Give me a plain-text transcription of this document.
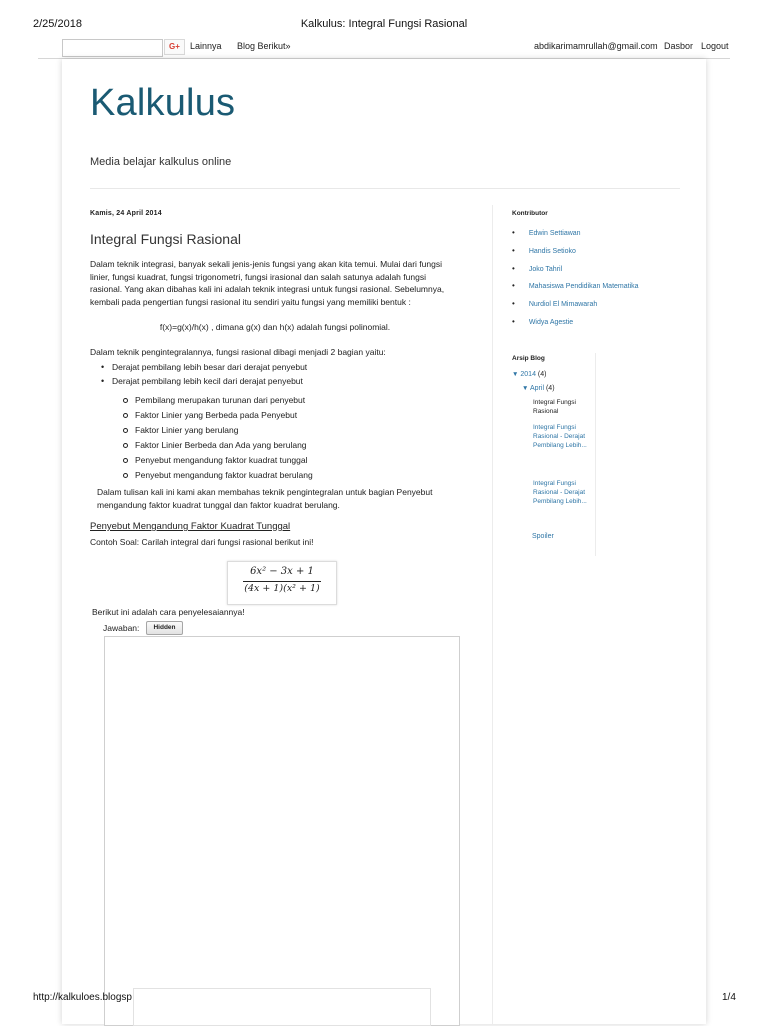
2/25/2018	Kalkulus: Integral Fungsi Rasional
G+	Lainnya Blog Berikut»	abdikarimamrullah@gmail.com Dasbor Logout
Kalkulus
Media belajar kalkulus online
Kamis, 24 April 2014
Integral Fungsi Rasional
Dalam teknik integrasi, banyak sekali jenis-jenis fungsi yang akan kita temui. Mulai dari fungsi
linier, fungsi kuadrat, fungsi trigonometri, fungsi irasional dan salah satunya adalah fungsi
rasional. Yang akan dibahas kali ini adalah teknik integrasi untuk fungsi rasional. Sebelumnya,
kembali pada pengertian fungsi rasional itu sendiri yaitu fungsi yang memiliki bentuk :
f(x)=g(x)/h(x) , dimana g(x) dan h(x) adalah fungsi polinomial.
Dalam teknik pengintegralannya, fungsi rasional dibagi menjadi 2 bagian yaitu:
• Derajat pembilang lebih besar dari derajat penyebut
• Derajat pembilang lebih kecil dari derajat penyebut
Pembilang merupakan turunan dari penyebut
Faktor Linier yang Berbeda pada Penyebut
Faktor Linier yang berulang
Faktor Linier Berbeda dan Ada yang berulang
Penyebut mengandung faktor kuadrat tunggal
Penyebut mengandung faktor kuadrat berulang
Dalam tulisan kali ini kami akan membahas teknik pengintegralan untuk bagian Penyebut
mengandung faktor kuadrat tunggal dan faktor kuadrat berulang.
Penyebut Mengandung Faktor Kuadrat Tunggal
Contoh Soal: Carilah integral dari fungsi rasional berikut ini!
6x² − 3x + 1
(4x + 1)(x² + 1)
Berikut ini adalah cara penyelesaiannya!
Jawaban:	Hidden
Kontributor
• Edwin Settiawan
• Handis Setioko
• Joko Tahril
• Mahasiswa Pendidikan Matematika
• Nurdiol El Mimawarah
• Widya Agestie
Arsip Blog
▼ 2014 (4)
▼ April (4)
Integral Fungsi Rasional
Integral Fungsi Rasional - Derajat Pembilang Lebih...
Integral Fungsi Rasional - Derajat Pembilang Lebih...
Spoiler
http://kalkuloes.blogsp	1/4
